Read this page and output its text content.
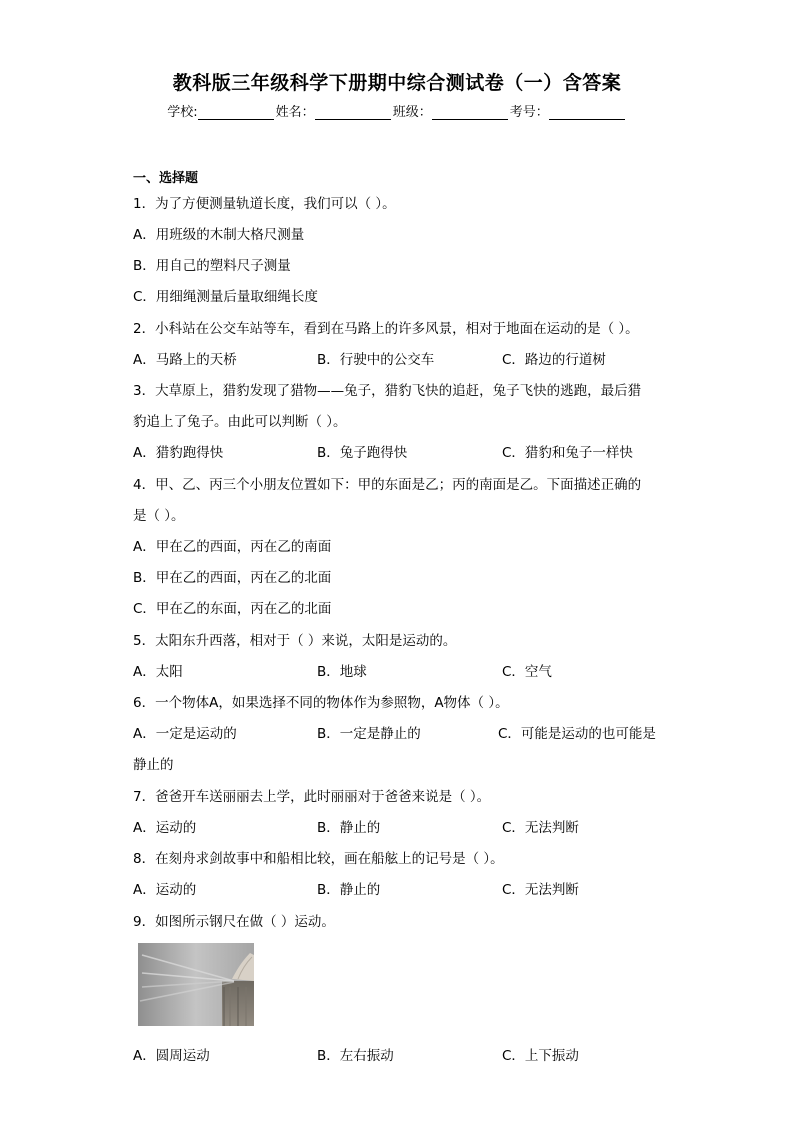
教科版三年级科学下册期中综合测试卷（一）含答案
学校:	姓名：	班级：	考号：
一、选择题
1．为了方便测量轨道长度，我们可以（ ）。
A．用班级的木制大格尺测量
B．用自己的塑料尺子测量
C．用细绳测量后量取细绳长度
2．小科站在公交车站等车，看到在马路上的许多风景，相对于地面在运动的是（ ）。
A．马路上的天桥	B．行驶中的公交车	C．路边的行道树
3．大草原上，猎豹发现了猎物——兔子，猎豹飞快的追赶，兔子飞快的逃跑，最后猎
豹追上了兔子。由此可以判断（ ）。
A．猎豹跑得快	B．兔子跑得快	C．猎豹和兔子一样快
4．甲、乙、丙三个小朋友位置如下：甲的东面是乙；丙的南面是乙。下面描述正确的
是（ ）。
A．甲在乙的西面，丙在乙的南面
B．甲在乙的西面，丙在乙的北面
C．甲在乙的东面，丙在乙的北面
5．太阳东升西落，相对于（ ）来说，太阳是运动的。
A．太阳	B．地球	C．空气
6．一个物体A，如果选择不同的物体作为参照物，A物体（ ）。
A．一定是运动的	B．一定是静止的	C．可能是运动的也可能是
静止的
7．爸爸开车送丽丽去上学，此时丽丽对于爸爸来说是（ ）。
A．运动的	B．静止的	C．无法判断
8．在刻舟求剑故事中和船相比较，画在船舷上的记号是（ ）。
A．运动的	B．静止的	C．无法判断
9．如图所示钢尺在做（ ）运动。
A．圆周运动	B．左右振动	C．上下振动
